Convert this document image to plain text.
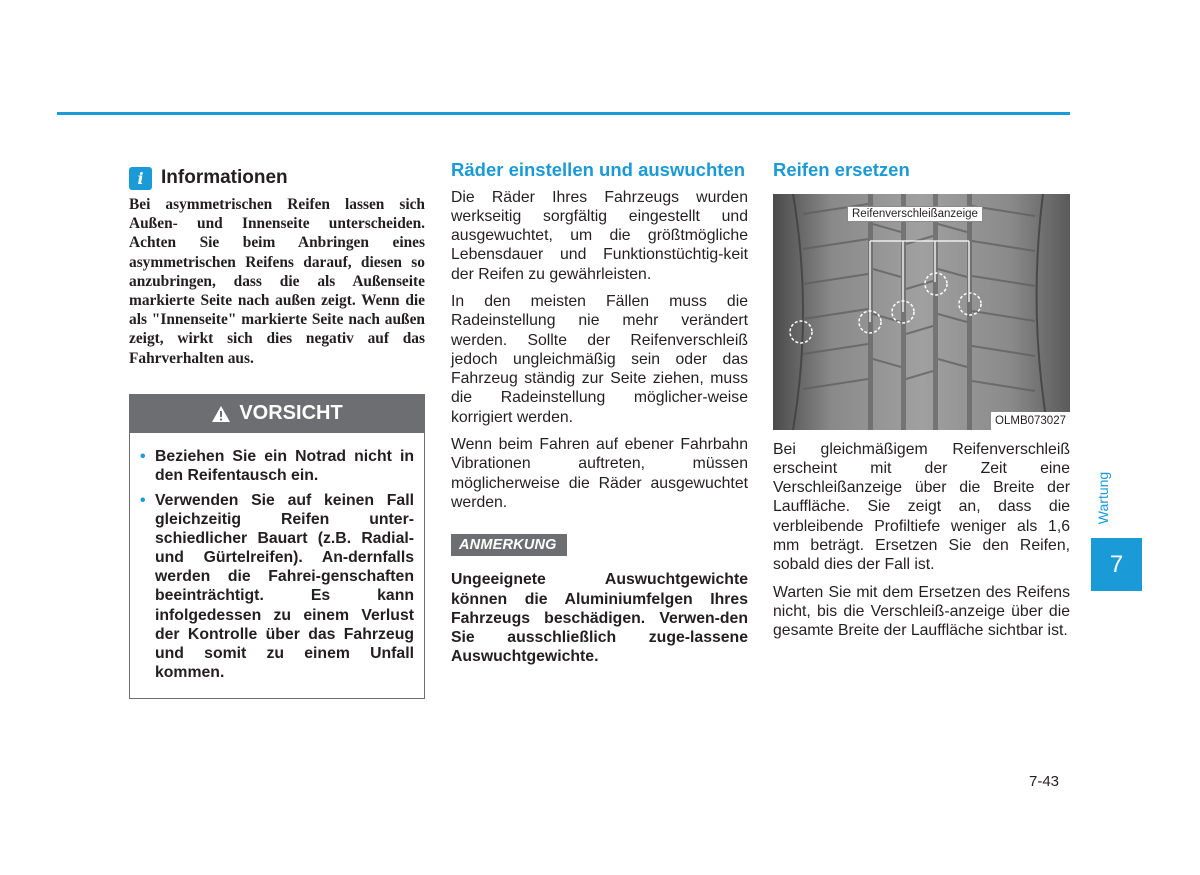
i Informationen
Bei asymmetrischen Reifen lassen sich Außen- und Innenseite unterscheiden. Achten Sie beim Anbringen eines asymmetrischen Reifens darauf, diesen so anzubringen, dass die als Außenseite markierte Seite nach außen zeigt. Wenn die als "Innenseite" markierte Seite nach außen zeigt, wirkt sich dies negativ auf das Fahrverhalten aus.
VORSICHT
• Beziehen Sie ein Notrad nicht in den Reifentausch ein.
• Verwenden Sie auf keinen Fall gleichzeitig Reifen unter-schiedlicher Bauart (z.B. Radial- und Gürtelreifen). An-dernfalls werden die Fahrei-genschaften beeinträchtigt. Es kann infolgedessen zu einem Verlust der Kontrolle über das Fahrzeug und somit zu einem Unfall kommen.
Räder einstellen und auswuchten

Die Räder Ihres Fahrzeugs wurden werkseitig sorgfältig eingestellt und ausgewuchtet, um die größtmögliche Lebensdauer und Funktionstüchtig-keit der Reifen zu gewährleisten.

In den meisten Fällen muss die Radeinstellung nie mehr verändert werden. Sollte der Reifenverschleiß jedoch ungleichmäßig sein oder das Fahrzeug ständig zur Seite ziehen, muss die Radeinstellung möglicher-weise korrigiert werden.

Wenn beim Fahren auf ebener Fahrbahn Vibrationen auftreten, müssen möglicherweise die Räder ausgewuchtet werden.

ANMERKUNG
Ungeeignete Auswuchtgewichte können die Aluminiumfelgen Ihres Fahrzeugs beschädigen. Verwen-den Sie ausschließlich zuge-lassene Auswuchtgewichte.
Reifen ersetzen
Reifenverschleißanzeige
OLMB073027

Bei gleichmäßigem Reifenverschleiß erscheint mit der Zeit eine Verschleißanzeige über die Breite der Lauffläche. Sie zeigt an, dass die verbleibende Profiltiefe weniger als 1,6 mm beträgt. Ersetzen Sie den Reifen, sobald dies der Fall ist.

Warten Sie mit dem Ersetzen des Reifens nicht, bis die Verschleiß-anzeige über die gesamte Breite der Lauffläche sichtbar ist.

Wartung
7
7-43
